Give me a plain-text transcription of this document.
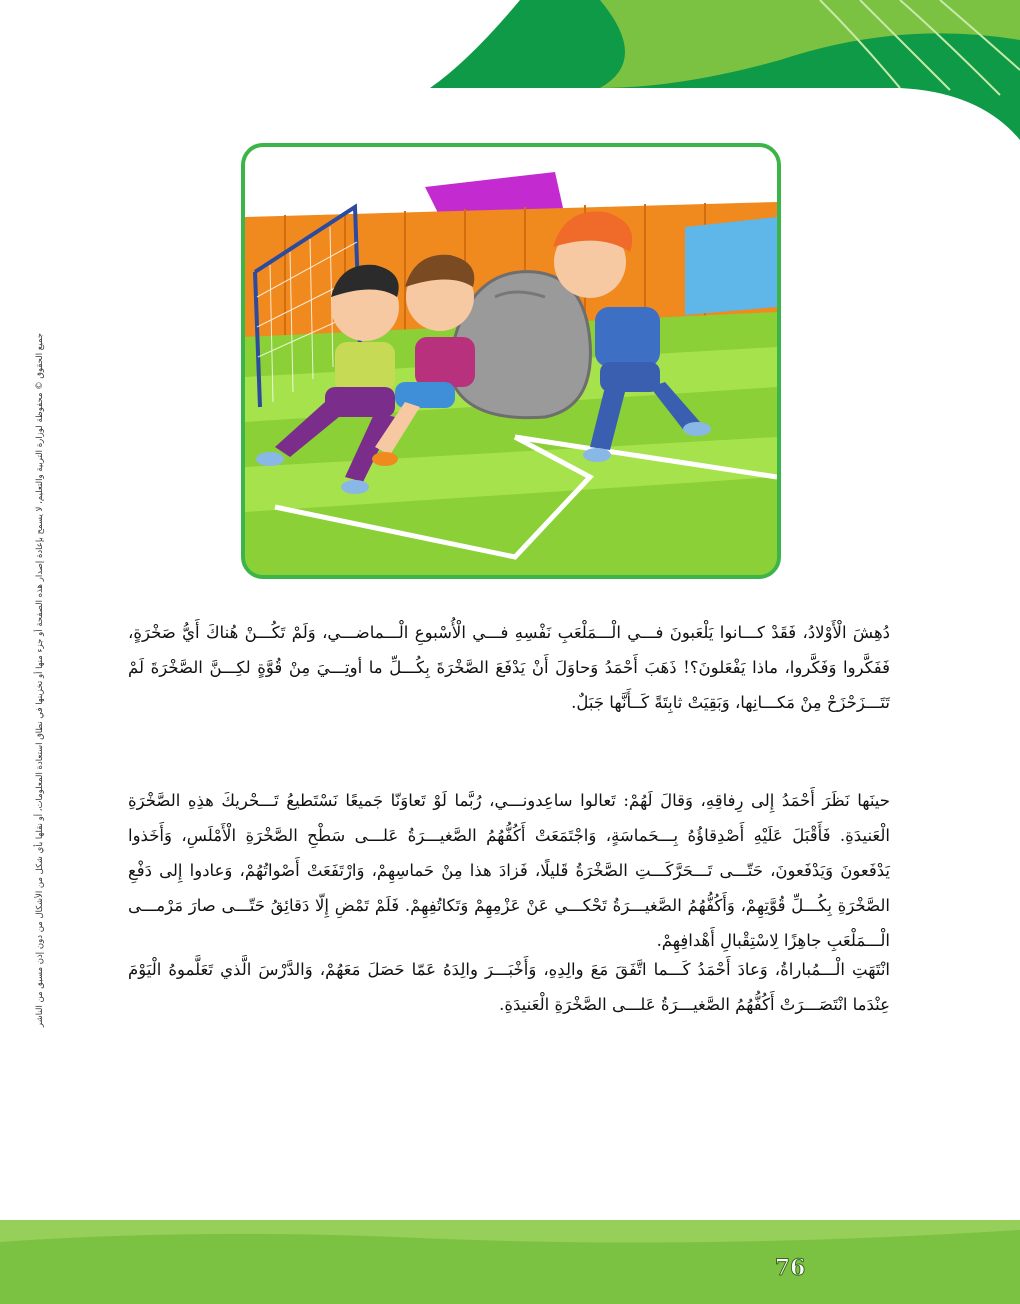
جميع الحقوق © محفوظة لوزارة التربية والتعليم، لا يسمح بإعادة إصدار هذه الصفحة أو جزء منها أو تخزينها في نطاق استعادة المعلومات، أو نقلها بأي شكل من الأشكال من دون إذن مسبق من الناشر	دُهِشَ الْأَوْلادُ، فَقَدْ كـــانوا يَلْعَبونَ فـــي الْـــمَلْعَبِ نَفْسِهِ فـــي الْأُسْبوعِ الْـــماضـــي، وَلَمْ تَكُـــنْ هُناكَ أَيُّ صَخْرَةٍ، فَفَكَّروا وَفَكَّروا، ماذا يَفْعَلونَ؟! ذَهَبَ أَحْمَدُ وَحاوَلَ أَنْ يَدْفَعَ الصَّخْرَةَ بِكُـــلِّ ما أوتِـــيَ مِنْ قُوَّةٍ لكِـــنَّ الصَّخْرَةَ لَمْ تَتَـــزَحْزَحْ مِنْ مَكـــانِها، وَبَقِيَتْ ثابِتَةً كَــأَنَّها جَبَلٌ.

حينَها نَظَرَ أَحْمَدُ إِلى رِفاقِهِ، وَقالَ لَهُمْ: تَعالوا ساعِدونـــي، رُبَّما لَوْ تَعاوَنّا جَميعًا نَسْتَطيعُ تَـــحْريكَ هذِهِ الصَّخْرَةِ الْعَنيدَةِ. فَأَقْبَلَ عَلَيْهِ أَصْدِقاؤُهُ بِـــحَماسَةٍ، وَاجْتَمَعَتْ أَكُفُّهُمُ الصَّغيـــرَةُ عَلـــى سَطْحِ الصَّخْرَةِ الْأَمْلَسِ، وَأَخَذوا يَدْفَعونَ وَيَدْفَعونَ، حَتّـــى تَـــحَرَّكَـــتِ الصَّخْرَةُ قَليلًا، فَزادَ هذا مِنْ حَماسِهِمْ، وَارْتَفَعَتْ أَصْواتُهُمْ، وَعادوا إِلى دَفْعِ الصَّخْرَةِ بِكُـــلِّ قُوَّتِهِمْ، وَأَكُفُّهُمُ الصَّغيـــرَةُ تَحْكـــي عَنْ عَزْمِهِمْ وَتَكاتُفِهِمْ. فَلَمْ تَمْضِ إِلّا دَقائِقُ حَتّـــى صارَ مَرْمـــى الْـــمَلْعَبِ جاهِزًا لِاسْتِقْبالِ أَهْدافِهِمْ.

انْتَهَتِ الْـــمُباراةُ، وَعادَ أَحْمَدُ كَـــما اتَّفَقَ مَعَ والِدِهِ، وَأَخْبَـــرَ والِدَهُ عَمّا حَصَلَ مَعَهُمْ، وَالدَّرْسَ الَّذي تَعَلَّموهُ الْيَوْمَ عِنْدَما انْتَصَـــرَتْ أَكُفُّهُمُ الصَّغيـــرَةُ عَلـــى الصَّخْرَةِ الْعَنيدَةِ.

76
